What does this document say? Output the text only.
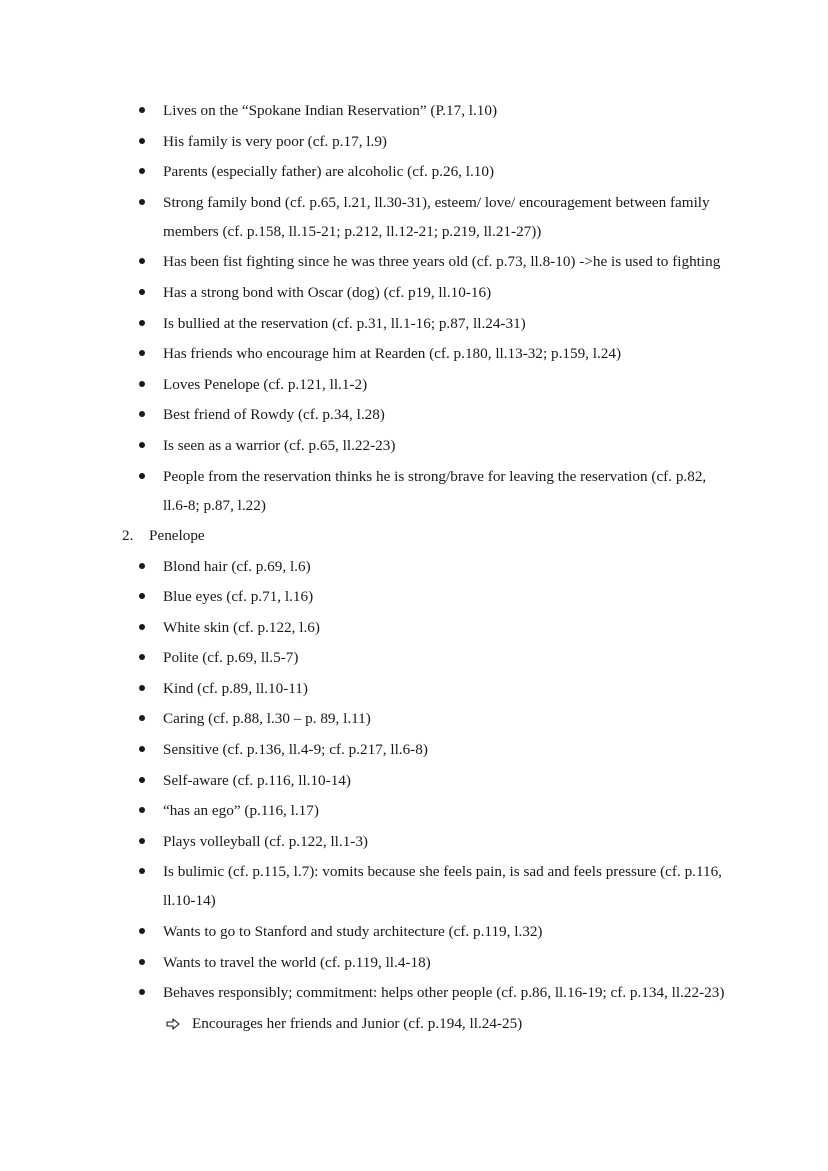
Lives on the “Spokane Indian Reservation” (P.17, l.10)
His family is very poor (cf. p.17, l.9)
Parents (especially father) are alcoholic (cf. p.26, l.10)
Strong family bond (cf. p.65, l.21, ll.30-31), esteem/ love/ encouragement between family members (cf. p.158, ll.15-21; p.212, ll.12-21; p.219, ll.21-27))
Has been fist fighting since he was three years old (cf. p.73, ll.8-10) ->he is used to fighting
Has a strong bond with Oscar (dog) (cf. p19, ll.10-16)
Is bullied at the reservation (cf. p.31, ll.1-16; p.87, ll.24-31)
Has friends who encourage him at Rearden (cf. p.180, ll.13-32; p.159, l.24)
Loves Penelope (cf. p.121, ll.1-2)
Best friend of Rowdy (cf. p.34, l.28)
Is seen as a warrior (cf. p.65, ll.22-23)
People from the reservation thinks he is strong/brave for leaving the reservation (cf. p.82, ll.6-8; p.87, l.22)
2. Penelope
Blond hair (cf. p.69, l.6)
Blue eyes (cf. p.71, l.16)
White skin (cf. p.122, l.6)
Polite (cf. p.69, ll.5-7)
Kind (cf. p.89, ll.10-11)
Caring (cf. p.88, l.30 – p. 89, l.11)
Sensitive (cf. p.136, ll.4-9; cf. p.217, ll.6-8)
Self-aware (cf. p.116, ll.10-14)
“has an ego” (p.116, l.17)
Plays volleyball (cf. p.122, ll.1-3)
Is bulimic (cf. p.115, l.7): vomits because she feels pain, is sad and feels pressure (cf. p.116, ll.10-14)
Wants to go to Stanford and study architecture (cf. p.119, l.32)
Wants to travel the world (cf. p.119, ll.4-18)
Behaves responsibly; commitment: helps other people (cf. p.86, ll.16-19; cf. p.134, ll.22-23)
Encourages her friends and Junior (cf. p.194, ll.24-25)
